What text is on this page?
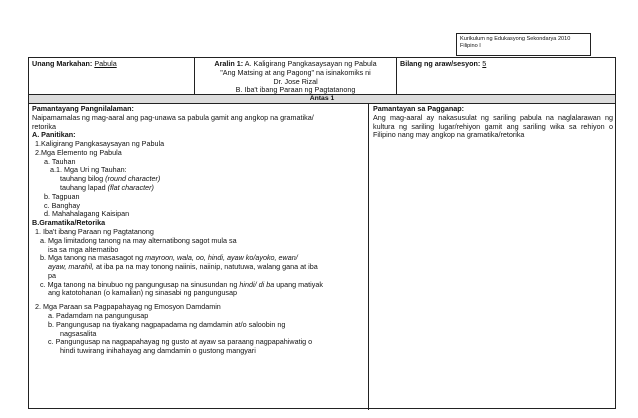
Kurikulum ng Edukasyong Sekondarya 2010
Filipino I
Unang Markahan: Pabula	Aralin 1: A. Kaligirang Pangkasaysayan ng Pabula
"Ang Matsing at ang Pagong" na isinakomiks ni
Dr. Jose Rizal
B. Iba't ibang Paraan ng Pagtatanong
Bilang ng araw/sesyon: 5
Antas 1
Pamantayang Pangnilalaman:
Naipamamalas ng mag-aaral ang pag-unawa sa pabula gamit ang angkop na gramatika/
retorika
A. Panitikan:
1.Kaligirang Pangkasaysayan ng Pabula
2.Mga Elemento ng Pabula
a. Tauhan
a.1. Mga Uri ng Tauhan:
tauhang bilog (round character)
tauhang lapad (flat character)
b. Tagpuan
c. Banghay
d. Mahahalagang Kaisipan
B.Gramatika/Retorika
1. Iba't ibang Paraan ng Pagtatanong
a. Mga limitadong tanong na may alternatibong sagot mula sa
isa sa mga alternatibo
b. Mga tanong na masasagot ng mayroon, wala, oo, hindi, ayaw ko/ayoko, ewan/
ayaw, marahil, at iba pa na may tonong naiinis, naiinip, natutuwa, walang gana at iba
pa
c. Mga tanong na binubuo ng pangungusap na sinusundan ng hindi/ di ba upang matiyak
ang katotohanan (o kamalian) ng sinasabi ng pangungusap
2. Mga Paraan sa Pagpapahayag ng Emosyon Damdamin
a. Padamdam na pangungusap
b. Pangungusap na tiyakang nagpapadama ng damdamin at/o saloobin ng
nagsasalita
c. Pangungusap na nagpapahayag ng gusto at ayaw sa paraang nagpapahiwatig o
hindi tuwirang inihahayag ang damdamin o gustong mangyari
Pamantayan sa Pagganap:
Ang mag-aaral ay nakasusulat ng sariling pabula na naglalarawan ng kultura ng sariling lugar/rehiyon gamit ang sariling wika sa rehiyon o Filipino nang may angkop na gramatika/retorika
